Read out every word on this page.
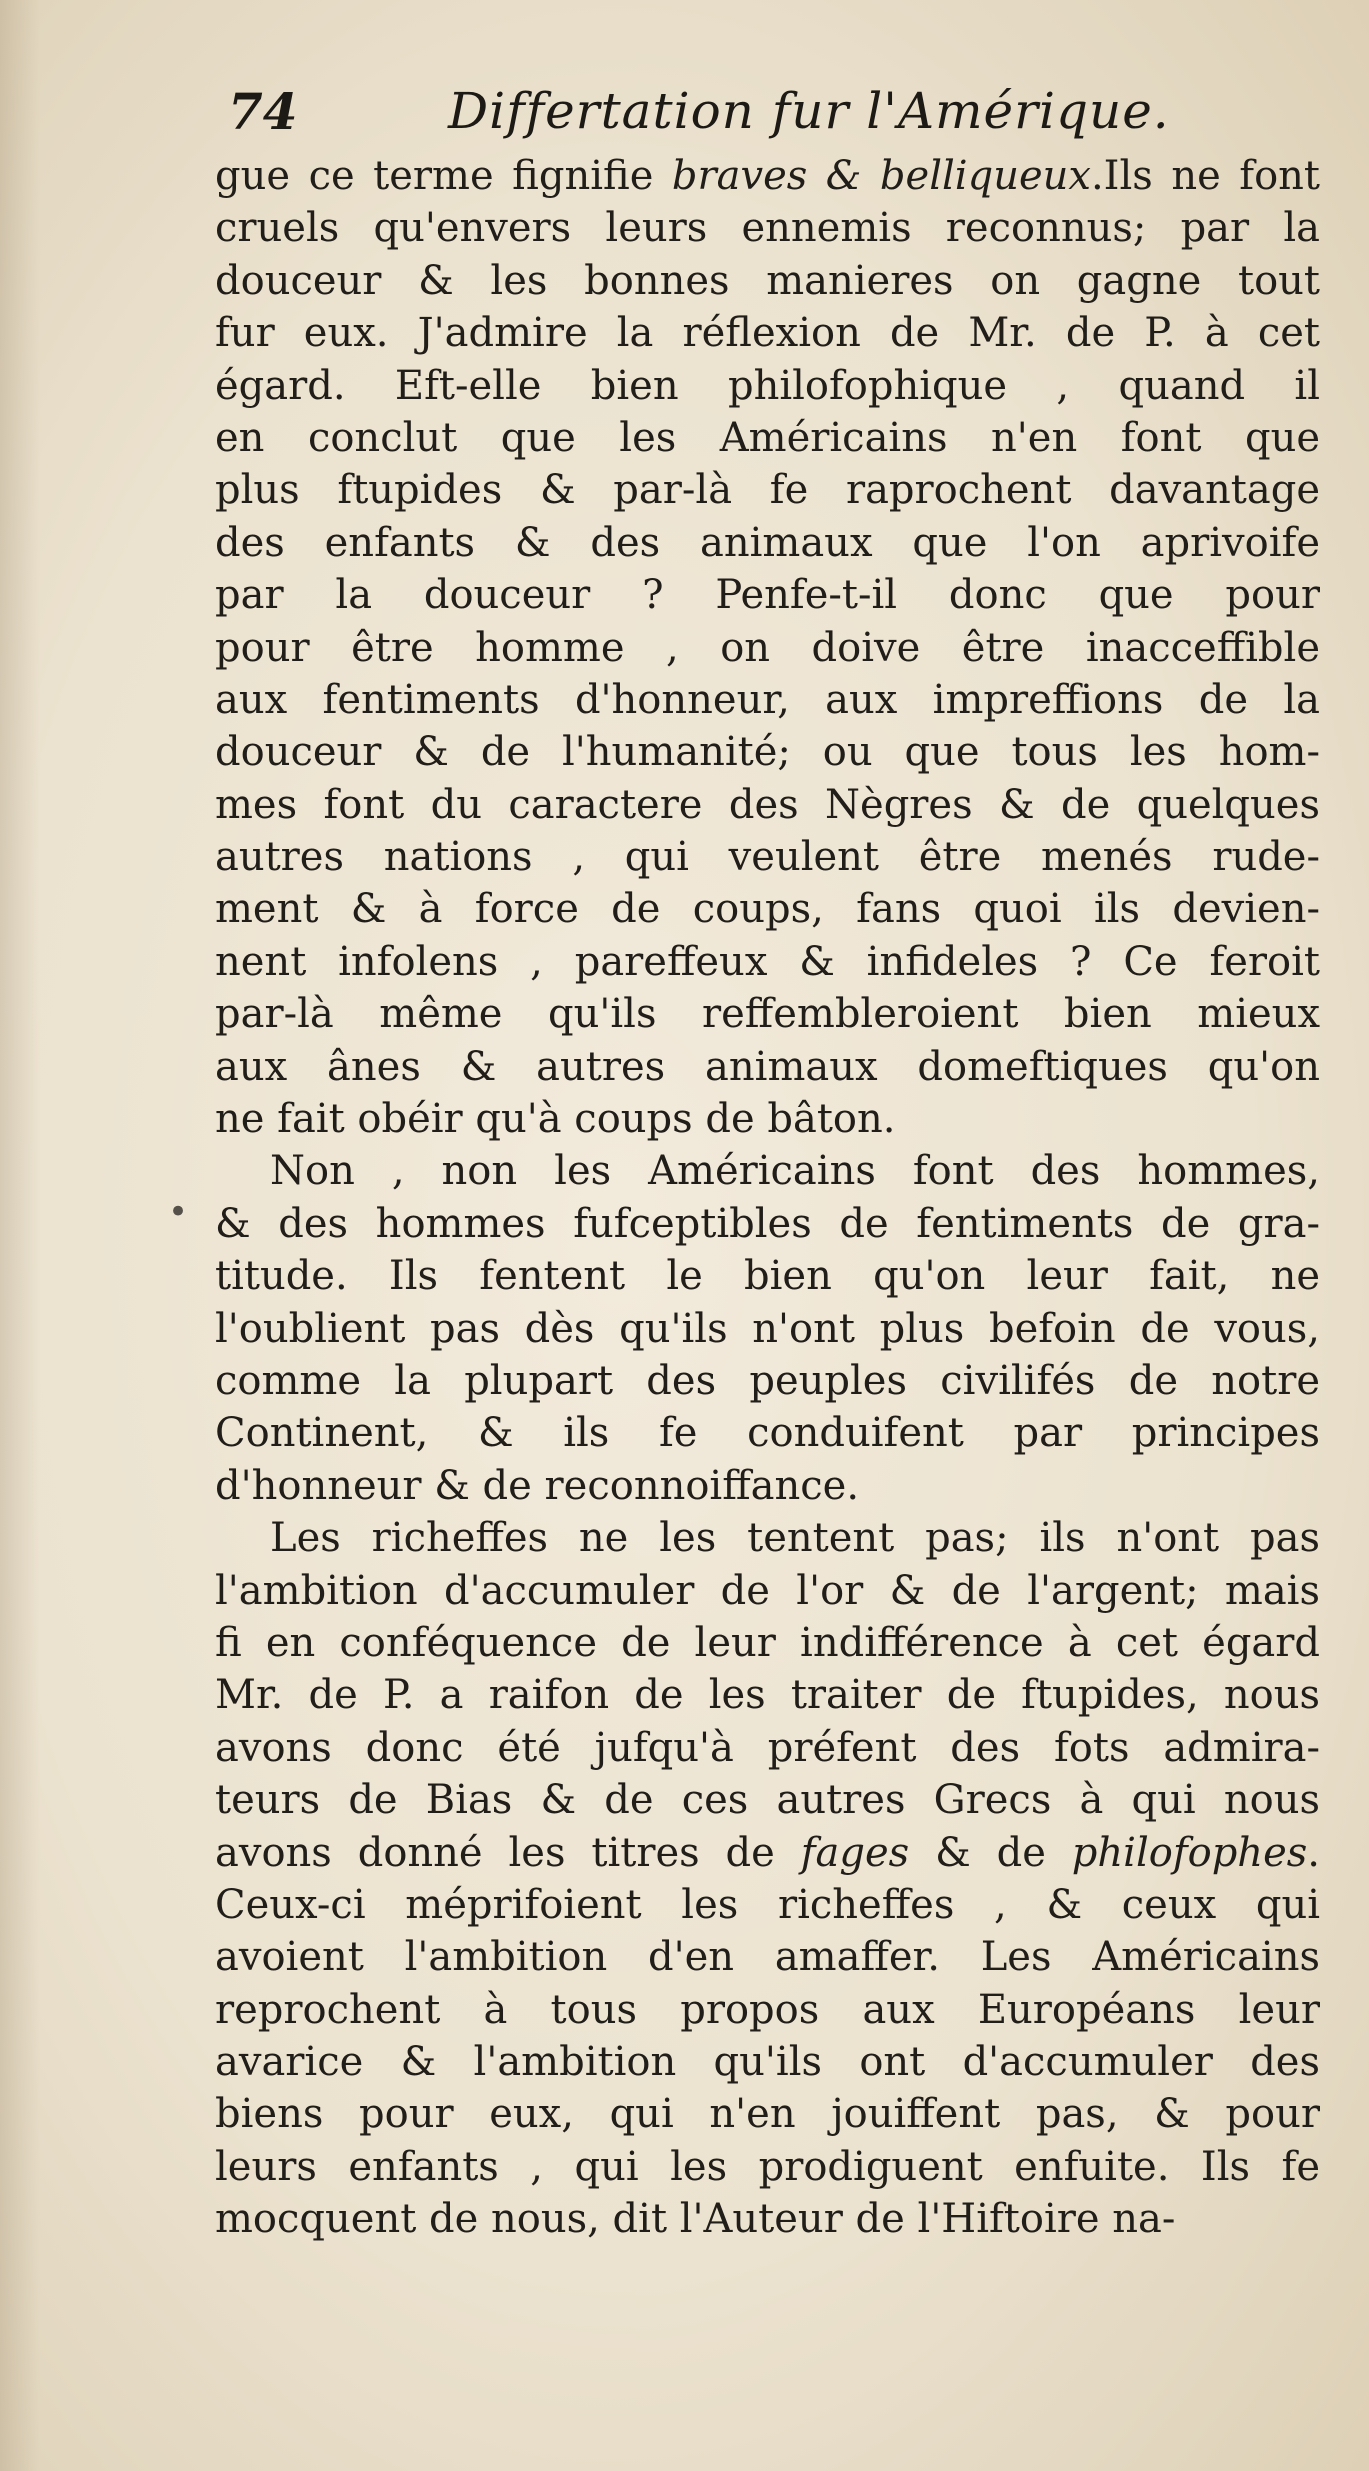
74	Differtation fur l'Amérique.
•
gue ce terme fignifie braves & belliqueux.Ils ne font
cruels qu'envers leurs ennemis reconnus; par la
douceur & les bonnes manieres on gagne tout
fur eux. J'admire la réflexion de Mr. de P. à cet
égard. Eft-elle bien philofophique , quand il
en conclut que les Américains n'en font que
plus ftupides & par-là fe raprochent davantage
des enfants & des animaux que l'on aprivoife
par la douceur ? Penfe-t-il donc que pour
pour être homme , on doive être inacceffible
aux fentiments d'honneur, aux impreffions de la
douceur & de l'humanité; ou que tous les hom-
mes font du caractere des Nègres & de quelques
autres nations , qui veulent être menés rude-
ment & à force de coups, fans quoi ils devien-
nent infolens , pareffeux & infideles ? Ce feroit
par-là même qu'ils reffembleroient bien mieux
aux ânes & autres animaux domeftiques qu'on
ne fait obéir qu'à coups de bâton.
Non , non les Américains font des hommes,
& des hommes fufceptibles de fentiments de gra-
titude. Ils fentent le bien qu'on leur fait, ne
l'oublient pas dès qu'ils n'ont plus befoin de vous,
comme la plupart des peuples civilifés de notre
Continent, & ils fe conduifent par principes
d'honneur & de reconnoiffance.
Les richeffes ne les tentent pas; ils n'ont pas
l'ambition d'accumuler de l'or & de l'argent; mais
fi en conféquence de leur indifférence à cet égard
Mr. de P. a raifon de les traiter de ftupides, nous
avons donc été jufqu'à préfent des fots admira-
teurs de Bias & de ces autres Grecs à qui nous
avons donné les titres de fages & de philofophes.
Ceux-ci méprifoient les richeffes , & ceux qui
avoient l'ambition d'en amaffer. Les Américains
reprochent à tous propos aux Européans leur
avarice & l'ambition qu'ils ont d'accumuler des
biens pour eux, qui n'en jouiffent pas, & pour
leurs enfants , qui les prodiguent enfuite. Ils fe
mocquent de nous, dit l'Auteur de l'Hiftoire na-
